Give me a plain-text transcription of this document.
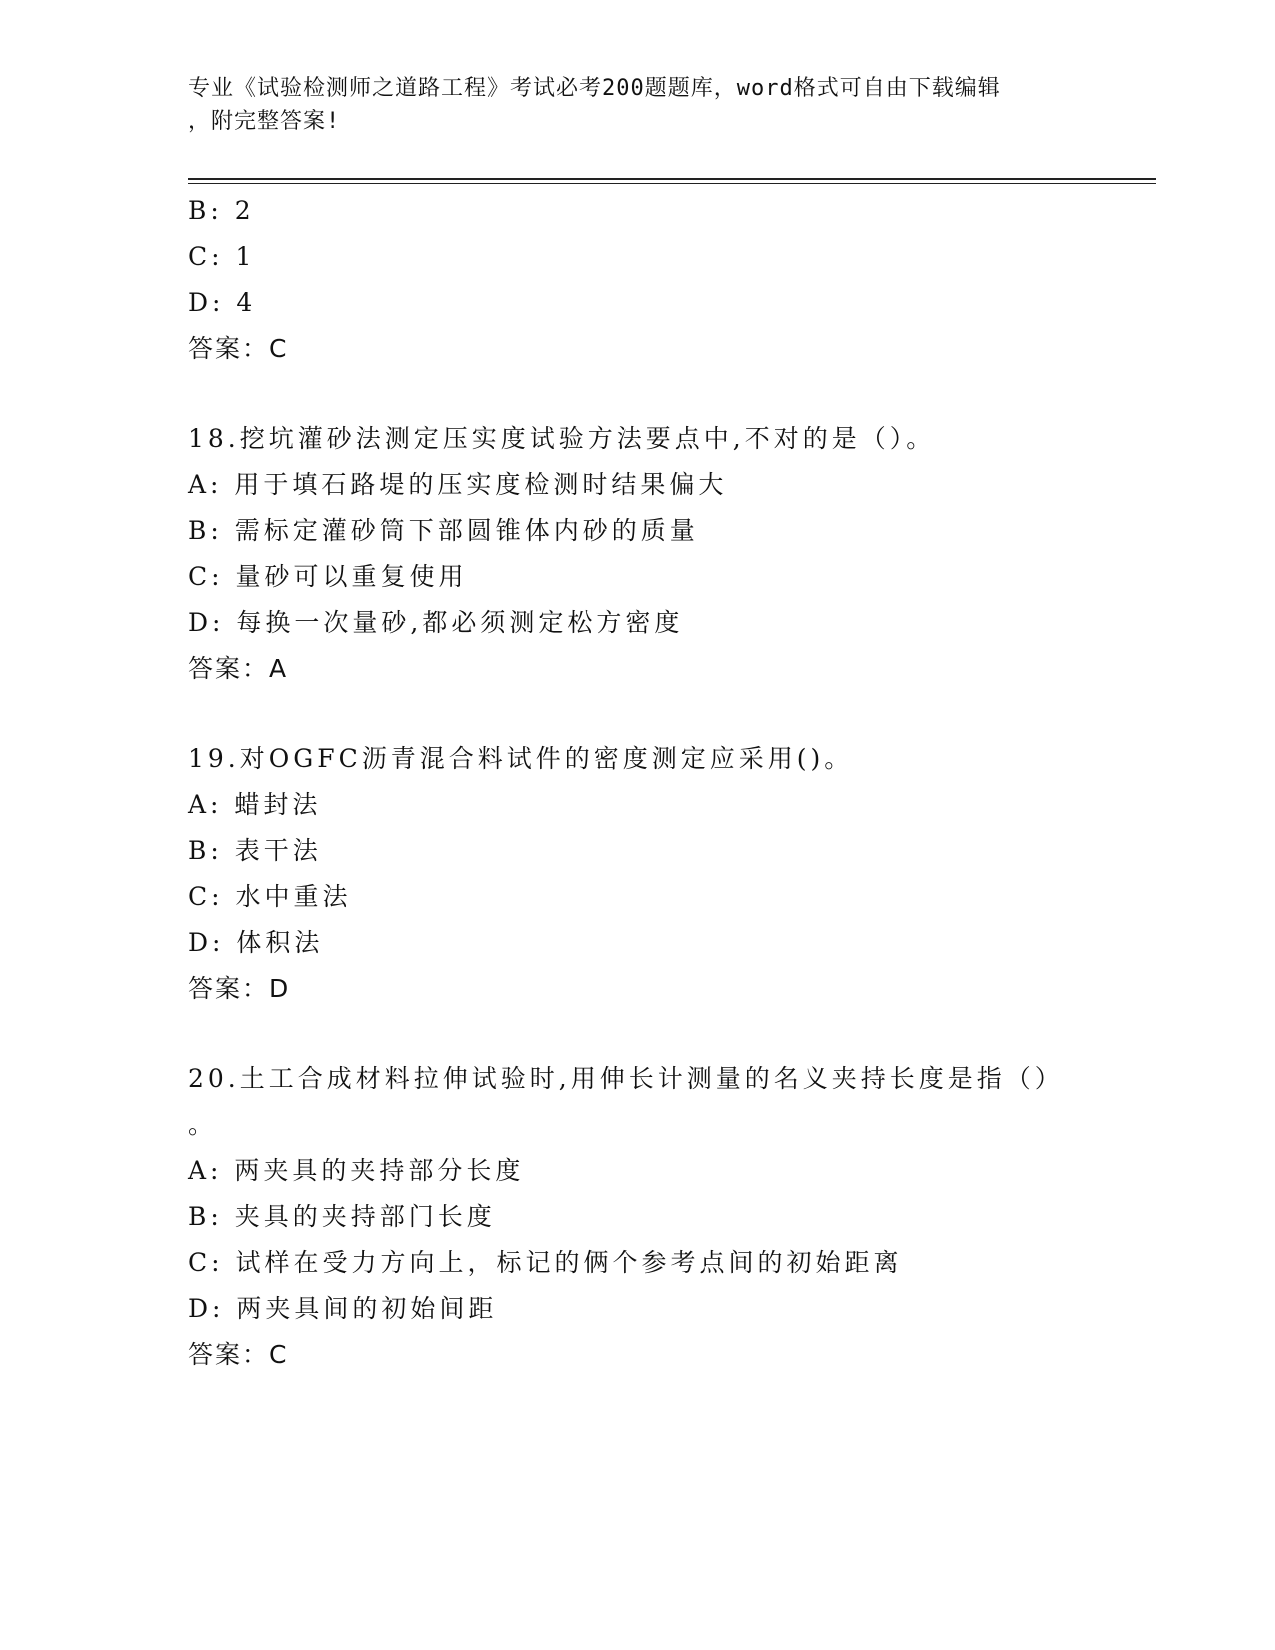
专业《试验检测师之道路工程》考试必考200题题库，word格式可自由下载编辑
，附完整答案!
B: 2
C: 1
D: 4
答案：C
18.挖坑灌砂法测定压实度试验方法要点中,不对的是（）。
A: 用于填石路堤的压实度检测时结果偏大
B: 需标定灌砂筒下部圆锥体内砂的质量
C: 量砂可以重复使用
D: 每换一次量砂,都必须测定松方密度
答案：A
19.对OGFC沥青混合料试件的密度测定应采用()。
A: 蜡封法
B: 表干法
C: 水中重法
D: 体积法
答案：D
20.土工合成材料拉伸试验时,用伸长计测量的名义夹持长度是指（）
。
A: 两夹具的夹持部分长度
B: 夹具的夹持部门长度
C: 试样在受力方向上，标记的俩个参考点间的初始距离
D: 两夹具间的初始间距
答案：C
